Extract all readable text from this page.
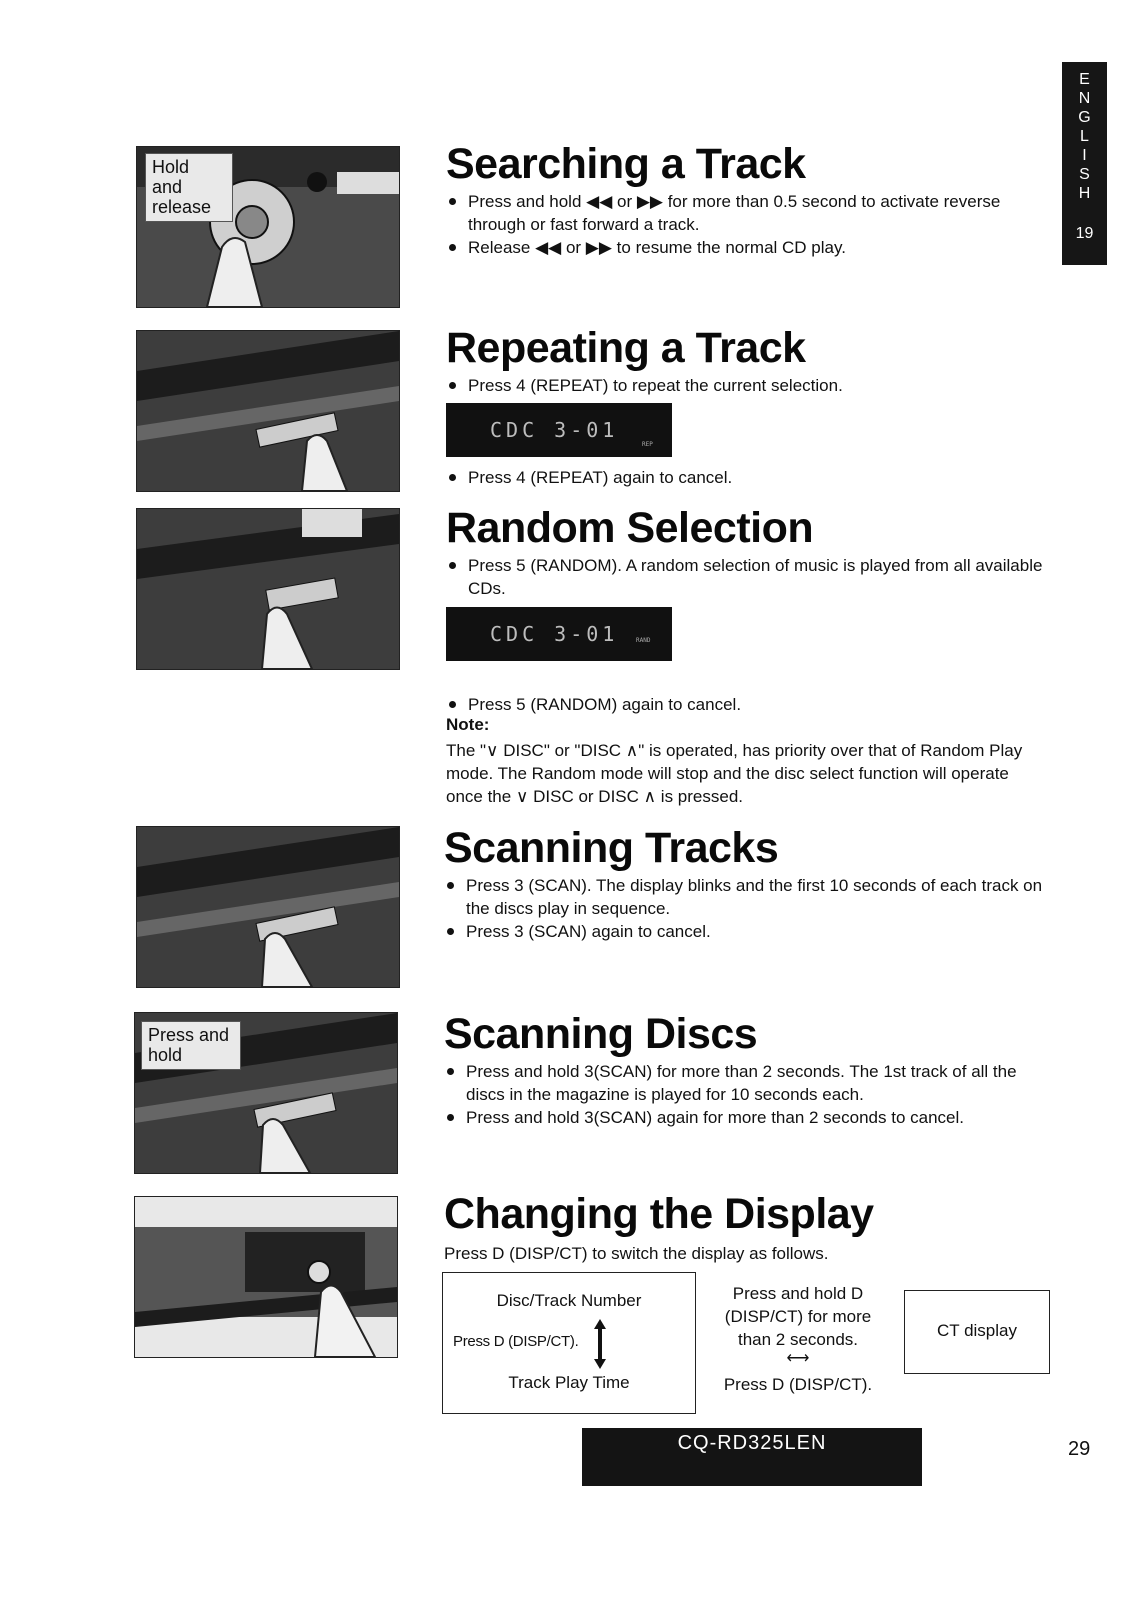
E
N
G
L
I
S
H
19
Hold and release
Press and hold
Searching a Track
Press and hold ◀◀ or ▶▶ for more than 0.5 second to activate reverse through or fast forward a track.
Release ◀◀ or ▶▶ to resume the normal CD play.
Repeating a Track
Press 4 (REPEAT) to repeat the current selection.
CDC 3-01
REP
Press 4 (REPEAT) again to cancel.
Random Selection
Press 5 (RANDOM). A random selection of music is played from all available CDs.
CDC 3-01	RAND
Press 5 (RANDOM) again to cancel.
Note:
The "∨ DISC" or "DISC ∧" is operated, has priority over that of Random Play mode. The Random mode will stop and the disc select function will operate once the ∨ DISC or DISC ∧ is pressed.
Scanning Tracks
Press 3 (SCAN). The display blinks and the first 10 seconds of each track on the discs play in sequence.
Press 3 (SCAN) again to cancel.
Scanning Discs
Press and hold 3(SCAN) for more than 2 seconds. The 1st track of all the discs in the magazine is played for 10 seconds each.
Press and hold 3(SCAN) again for more than 2 seconds to cancel.
Changing the Display
Press D (DISP/CT) to switch the display as follows.
Disc/Track Number
Press D (DISP/CT).
Track Play Time
Press and hold D (DISP/CT) for more than 2 seconds.
⟷
Press D (DISP/CT).
CT display
CQ-RD325LEN	29
